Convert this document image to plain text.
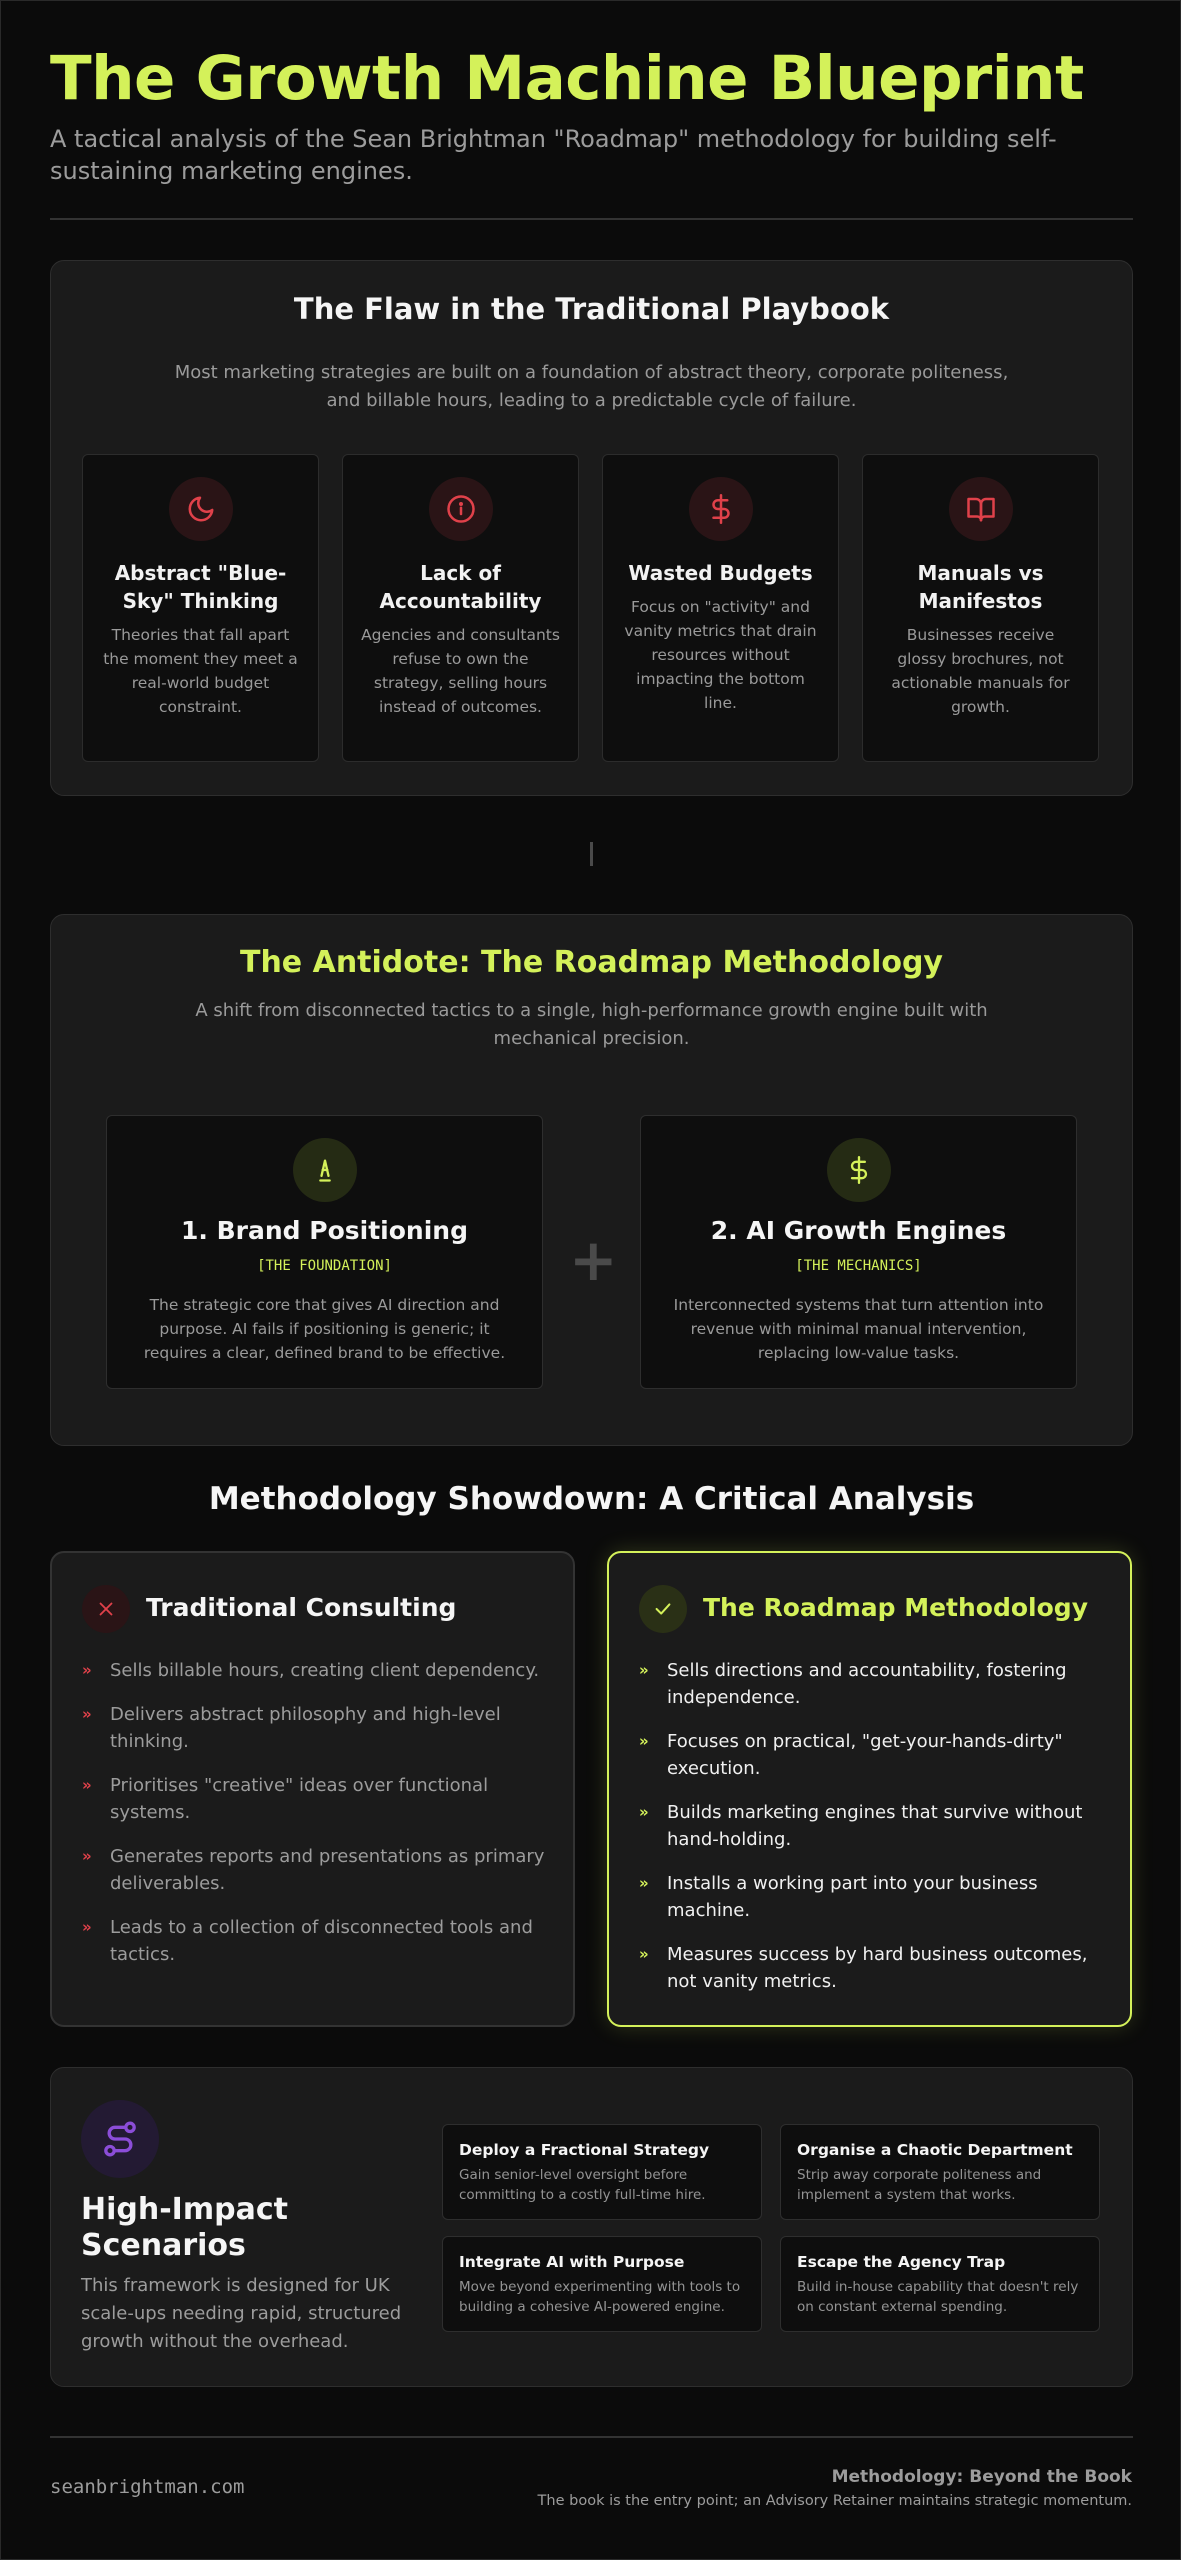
The Growth Machine Blueprint

A tactical analysis of the Sean Brightman "Roadmap" methodology for building self-sustaining marketing engines.

The Flaw in the Traditional Playbook

Most marketing strategies are built on a foundation of abstract theory, corporate politeness, and billable hours, leading to a predictable cycle of failure.

Abstract "Blue-Sky" Thinking
Theories that fall apart the moment they meet a real-world budget constraint.
Lack of Accountability
Agencies and consultants refuse to own the strategy, selling hours instead of outcomes.
Wasted Budgets
Focus on "activity" and vanity metrics that drain resources without impacting the bottom line.
Manuals vs Manifestos
Businesses receive glossy brochures, not actionable manuals for growth.
The Antidote: The Roadmap Methodology

A shift from disconnected tactics to a single, high-performance growth engine built with mechanical precision.

1. Brand Positioning
[THE FOUNDATION]
The strategic core that gives AI direction and purpose. AI fails if positioning is generic; it requires a clear, defined brand to be effective.
+	2. AI Growth Engines
[THE MECHANICS]
Interconnected systems that turn attention into revenue with minimal manual intervention, replacing low-value tasks.
Methodology Showdown: A Critical Analysis
Traditional Consulting
» Sells billable hours, creating client dependency.
» Delivers abstract philosophy and high-level thinking.
» Prioritises "creative" ideas over functional systems.
» Generates reports and presentations as primary deliverables.
» Leads to a collection of disconnected tools and tactics.
The Roadmap Methodology
» Sells directions and accountability, fostering independence.
» Focuses on practical, "get-your-hands-dirty" execution.
» Builds marketing engines that survive without hand-holding.
» Installs a working part into your business machine.
» Measures success by hard business outcomes, not vanity metrics.
High-Impact Scenarios

This framework is designed for UK scale-ups needing rapid, structured growth without the overhead.

Deploy a Fractional Strategy
Gain senior-level oversight before committing to a costly full-time hire.
Organise a Chaotic Department
Strip away corporate politeness and implement a system that works.
Integrate AI with Purpose
Move beyond experimenting with tools to building a cohesive AI-powered engine.
Escape the Agency Trap
Build in-house capability that doesn't rely on constant external spending.
seanbrightman.com	Methodology: Beyond the Book
The book is the entry point; an Advisory Retainer maintains strategic momentum.
